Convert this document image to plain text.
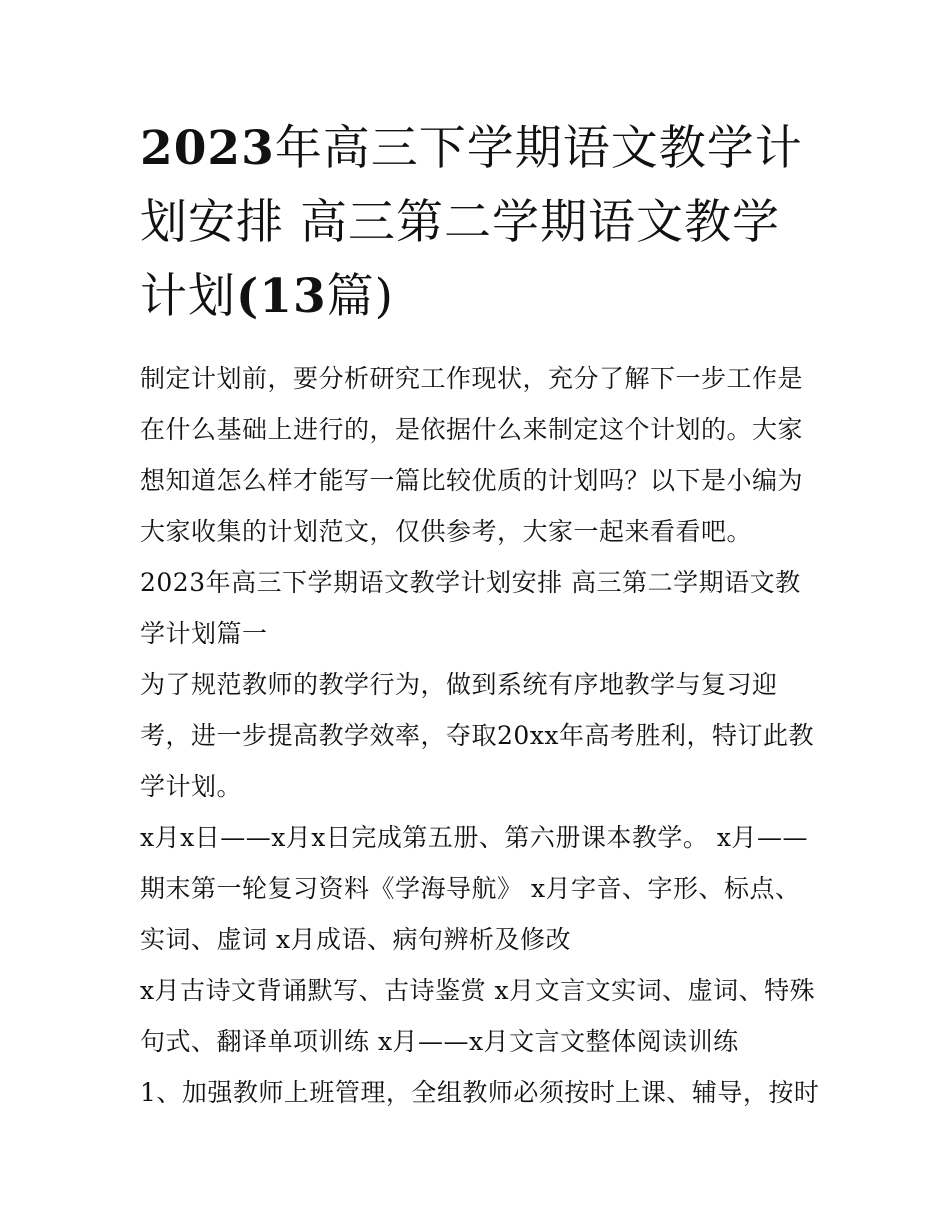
2023年高三下学期语文教学计
划安排 高三第二学期语文教学
计划(13篇)

制定计划前，要分析研究工作现状，充分了解下一步工作是在什么基础上进行的，是依据什么来制定这个计划的。大家想知道怎么样才能写一篇比较优质的计划吗？以下是小编为大家收集的计划范文，仅供参考，大家一起来看看吧。

2023年高三下学期语文教学计划安排 高三第二学期语文教学计划篇一

为了规范教师的教学行为，做到系统有序地教学与复习迎考，进一步提高教学效率，夺取20xx年高考胜利，特订此教学计划。

x月x日——x月x日完成第五册、第六册课本教学。 x月——期末第一轮复习资料《学海导航》 x月字音、字形、标点、实词、虚词 x月成语、病句辨析及修改

x月古诗文背诵默写、古诗鉴赏 x月文言文实词、虚词、特殊句式、翻译单项训练 x月——x月文言文整体阅读训练

1、加强教师上班管理，全组教师必须按时上课、辅导，按时
